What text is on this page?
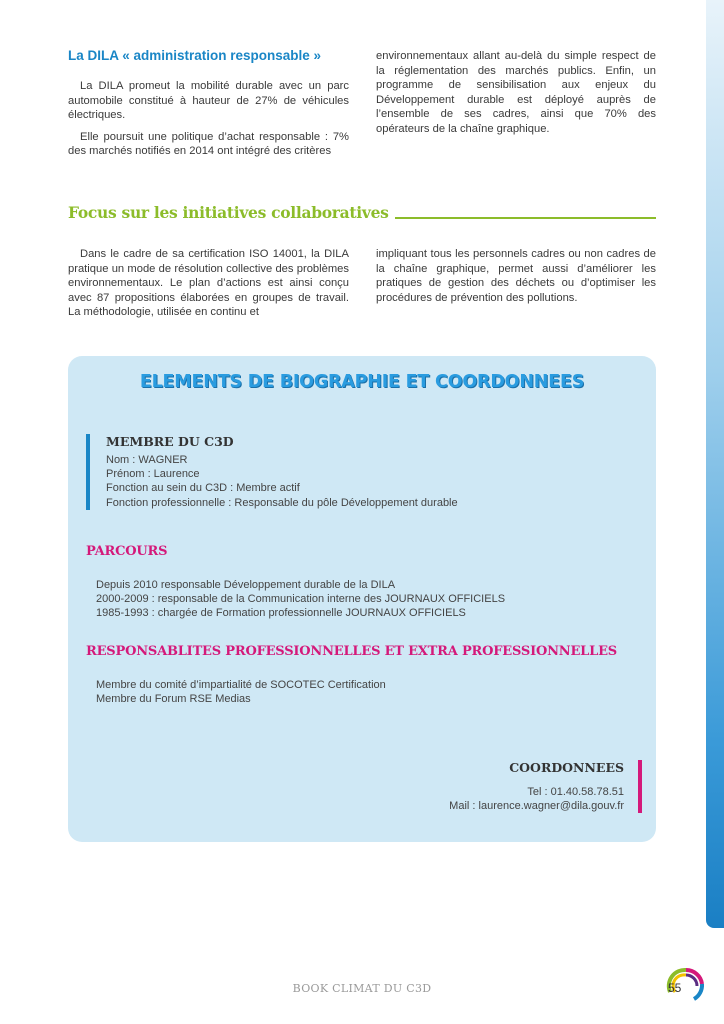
La DILA « administration responsable »

La DILA promeut la mobilité durable avec un parc automobile constitué à hauteur de 27% de véhicules électriques.

Elle poursuit une politique d’achat responsable : 7% des marchés notifiés en 2014 ont intégré des critères

environnementaux allant au-delà du simple respect de la réglementation des marchés publics. Enfin, un programme de sensibilisation aux enjeux du Développement durable est déployé auprès de l’ensemble de ses cadres, ainsi que 70% des opérateurs de la chaîne graphique.

Focus sur les initiatives collaboratives

Dans le cadre de sa certification ISO 14001, la DILA pratique un mode de résolution collective des problèmes environnementaux. Le plan d’actions est ainsi conçu avec 87 propositions élaborées en groupes de travail. La méthodologie, utilisée en continu et

impliquant tous les personnels cadres ou non cadres de la chaîne graphique, permet aussi d’améliorer les pratiques de gestion des déchets ou d’optimiser les procédures de prévention des pollutions.

ELEMENTS DE BIOGRAPHIE ET COORDONNEES
MEMBRE DU C3D
Nom : WAGNER
Prénom : Laurence
Fonction au sein du C3D : Membre actif
Fonction professionnelle : Responsable du pôle Développement durable
PARCOURS
Depuis 2010 responsable Développement durable de la DILA
2000-2009 : responsable de la Communication interne des JOURNAUX OFFICIELS
1985-1993 : chargée de Formation professionnelle JOURNAUX OFFICIELS
RESPONSABLITES PROFESSIONNELLES ET EXTRA PROFESSIONNELLES
Membre du comité d’impartialité de SOCOTEC Certification
Membre du Forum RSE Medias
COORDONNEES
Tel : 01.40.58.78.51
Mail : laurence.wagner@dila.gouv.fr
BOOK CLIMAT DU C3D	55
